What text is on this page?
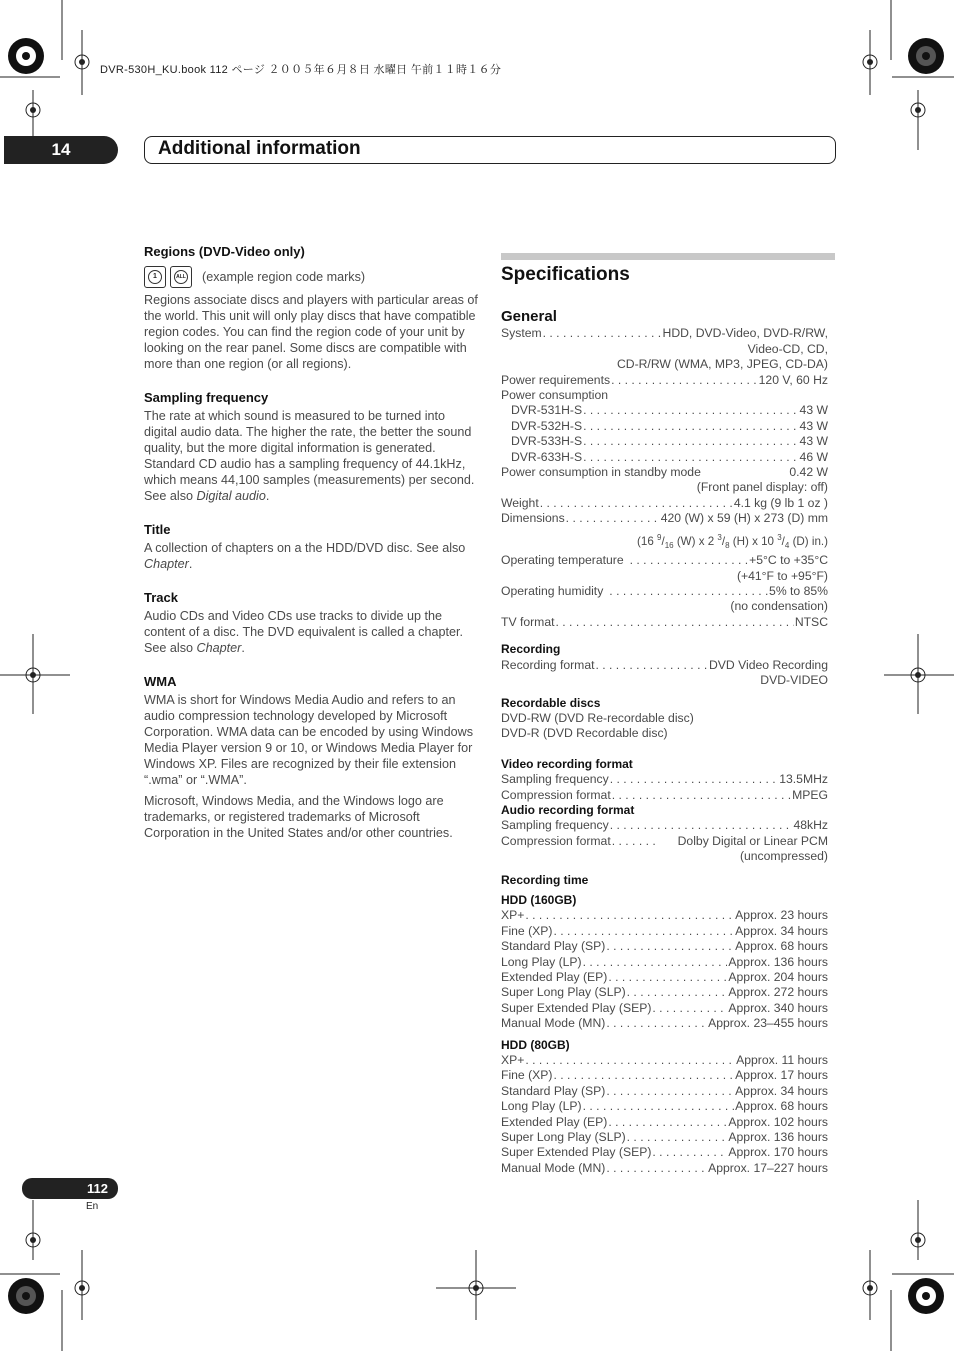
DVR-530H_KU.book 112 ページ ２００５年６月８日 水曜日 午前１１時１６分
14	Additional information
Regions (DVD-Video only)
1	ALL (example region code marks)

Regions associate discs and players with particular areas of the world. This unit will only play discs that have compatible region codes. You can find the region code of your unit by looking on the rear panel. Some discs are compatible with more than one region (or all regions).

Sampling frequency

The rate at which sound is measured to be turned into digital audio data. The higher the rate, the better the sound quality, but the more digital information is generated. Standard CD audio has a sampling frequency of 44.1kHz, which means 44,100 samples (measurements) per second. See also Digital audio.

Title

A collection of chapters on a the HDD/DVD disc. See also Chapter.

Track

Audio CDs and Video CDs use tracks to divide up the content of a disc. The DVD equivalent is called a chapter. See also Chapter.

WMA

WMA is short for Windows Media Audio and refers to an audio compression technology developed by Microsoft Corporation. WMA data can be encoded by using Windows Media Player version 9 or 10, or Windows Media Player for Windows XP. Files are recognized by their file extension “.wma” or “.WMA”.

Microsoft, Windows Media, and the Windows logo are trademarks, or registered trademarks of Microsoft Corporation in the United States and/or other countries.

Specifications
General
System . . .	HDD, DVD-Video, DVD-R/RW,
Video-CD, CD,
CD-R/RW (WMA, MP3, JPEG, CD-DA)
Power requirements . . .	120 V, 60 Hz
Power consumption
DVR-531H-S . . .	43 W
DVR-532H-S . . .	43 W
DVR-533H-S . . .	43 W
DVR-633H-S . . .	46 W
Power consumption in standby mode	0.42 W
(Front panel display: off)
Weight . . .	4.1 kg (9 lb 1 oz )
Dimensions . . .	420 (W) x 59 (H) x 273 (D) mm
(16 $^9/_{16}$ (W) x 2 $^3/_8$ (H) x 10 $^3/_4$ (D) in.)
Operating temperature . . .	+5°C to +35°C
(+41°F to +95°F)
Operating humidity . . .	5% to 85%
(no condensation)
TV format . . .	NTSC
Recording
Recording format . . .	DVD Video Recording
DVD-VIDEO
Recordable discs
DVD-RW (DVD Re-recordable disc)
DVD-R (DVD Recordable disc)
Video recording format
Sampling frequency . . .	13.5MHz
Compression format . . .	MPEG
Audio recording format
Sampling frequency . . .	48kHz
Compression format . . .	Dolby Digital or Linear PCM
(uncompressed)
Recording time
HDD (160GB)
XP+ . . .	Approx. 23 hours
Fine (XP) . . .	Approx. 34 hours
Standard Play (SP) . . .	Approx. 68 hours
Long Play (LP) . . .	Approx. 136 hours
Extended Play (EP) . . .	Approx. 204 hours
Super Long Play (SLP) . . .	Approx. 272 hours
Super Extended Play (SEP) . . .	Approx. 340 hours
Manual Mode (MN) . . .	Approx. 23–455 hours
HDD (80GB)
XP+ . . .	Approx. 11 hours
Fine (XP) . . .	Approx. 17 hours
Standard Play (SP) . . .	Approx. 34 hours
Long Play (LP) . . .	Approx. 68 hours
Extended Play (EP) . . .	Approx. 102 hours
Super Long Play (SLP) . . .	Approx. 136 hours
Super Extended Play (SEP) . . .	Approx. 170 hours
Manual Mode (MN) . . .	Approx. 17–227 hours
112
En
